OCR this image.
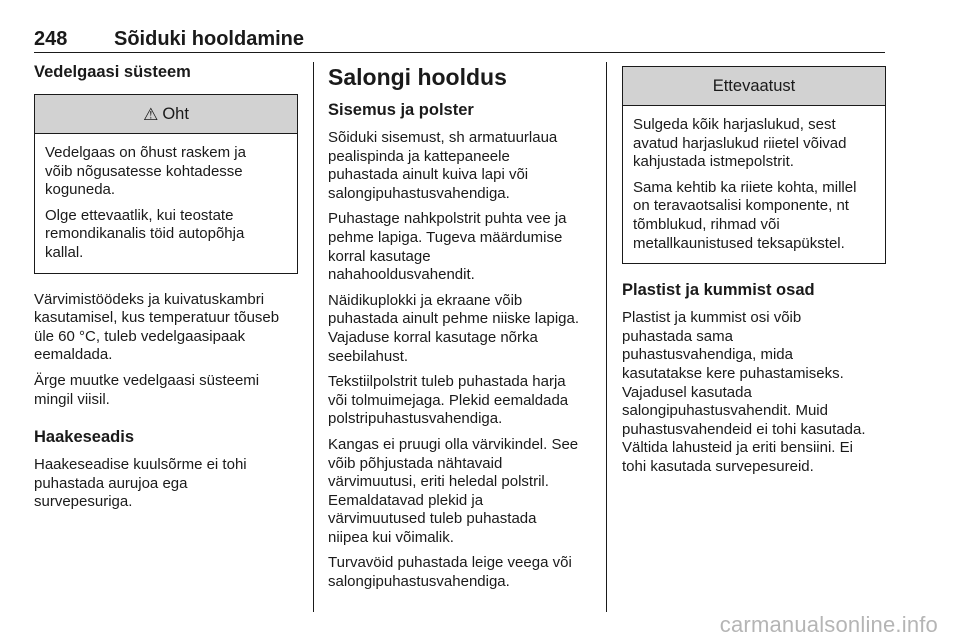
248 Sõiduki hooldamine
Vedelgaasi süsteem
⚠ Oht

Vedelgaas on õhust raskem ja
võib nõgusatesse kohtadesse
koguneda.

Olge ettevaatlik, kui teostate
remondikanalis töid autopõhja
kallal.

Värvimistöödeks ja kuivatuskambri
kasutamisel, kus temperatuur tõuseb
üle 60 °C, tuleb vedelgaasipaak
eemaldada.

Ärge muutke vedelgaasi süsteemi
mingil viisil.

Haakeseadis

Haakeseadise kuulsõrme ei tohi
puhastada aurujoa ega
survepesuriga.

Salongi hooldus
Sisemus ja polster

Sõiduki sisemust, sh armatuurlaua
pealispinda ja kattepaneele
puhastada ainult kuiva lapi või
salongipuhastusvahendiga.

Puhastage nahkpolstrit puhta vee ja
pehme lapiga. Tugeva määrdumise
korral kasutage
nahahooldusvahendit.

Näidikuplokki ja ekraane võib
puhastada ainult pehme niiske lapiga.
Vajaduse korral kasutage nõrka
seebilahust.

Tekstiilpolstrit tuleb puhastada harja
või tolmuimejaga. Plekid eemaldada
polstripuhastusvahendiga.

Kangas ei pruugi olla värvikindel. See
võib põhjustada nähtavaid
värvimuutusi, eriti heledal polstril.
Eemaldatavad plekid ja
värvimuutused tuleb puhastada
niipea kui võimalik.

Turvavöid puhastada leige veega või
salongipuhastusvahendiga.

Ettevaatust

Sulgeda kõik harjaslukud, sest
avatud harjaslukud riietel võivad
kahjustada istmepolstrit.

Sama kehtib ka riiete kohta, millel
on teravaotsalisi komponente, nt
tõmblukud, rihmad või
metallkaunistused teksapükstel.

Plastist ja kummist osad

Plastist ja kummist osi võib
puhastada sama
puhastusvahendiga, mida
kasutatakse kere puhastamiseks.
Vajadusel kasutada
salongipuhastusvahendit. Muid
puhastusvahendeid ei tohi kasutada.
Vältida lahusteid ja eriti bensiini. Ei
tohi kasutada survepesureid.

carmanualsonline.info
